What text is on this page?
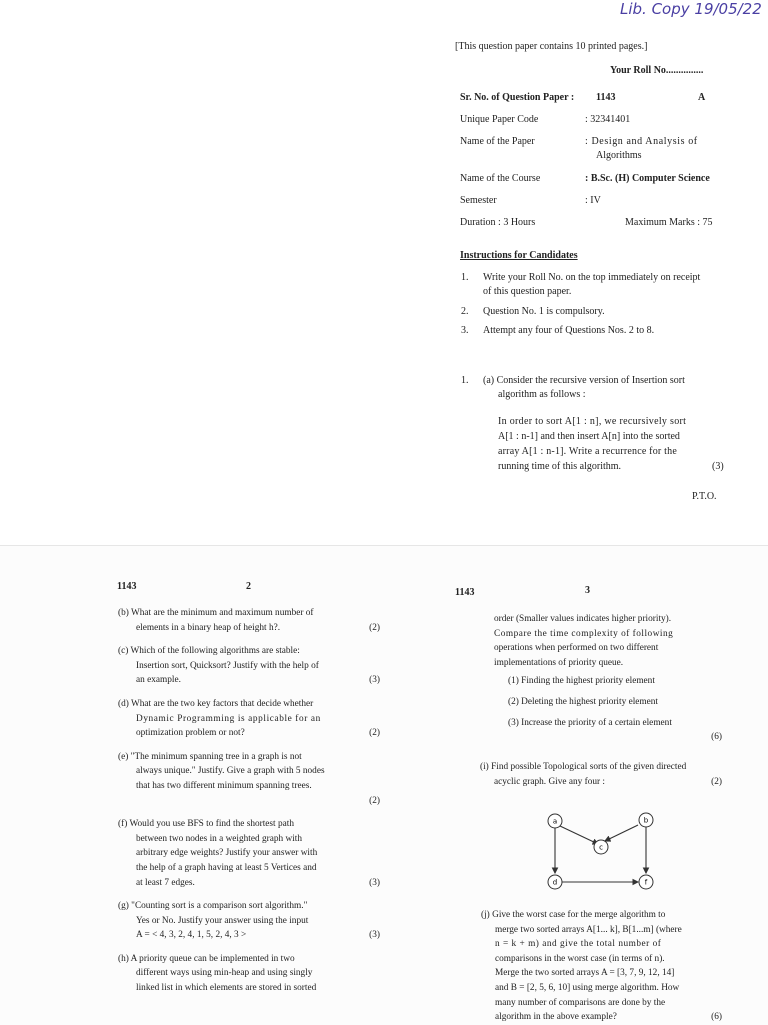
Lib. Copy 19/05/22
[This question paper contains 10 printed pages.]
Your Roll No...............
Sr. No. of Question Paper : 1143	A
Unique Paper Code	: 32341401
Name of the Paper	: Design and Analysis of
Algorithms
Name of the Course	: B.Sc. (H) Computer Science
Semester	: IV
Duration : 3 Hours	Maximum Marks : 75
Instructions for Candidates
1. Write your Roll No. on the top immediately on receipt
of this question paper.
2. Question No. 1 is compulsory.
3. Attempt any four of Questions Nos. 2 to 8.
1. (a) Consider the recursive version of Insertion sort
algorithm as follows :
In order to sort A[1 : n], we recursively sort
A[1 : n-1] and then insert A[n] into the sorted
array A[1 : n-1]. Write a recurrence for the
running time of this algorithm.	(3)
P.T.O.
1143	2
(b) What are the minimum and maximum number of
elements in a binary heap of height h?.	(2)
(c) Which of the following algorithms are stable:
Insertion sort, Quicksort? Justify with the help of
an example.	(3)
(d) What are the two key factors that decide whether
Dynamic Programming is applicable for an
optimization problem or not?	(2)
(e) "The minimum spanning tree in a graph is not
always unique." Justify. Give a graph with 5 nodes
that has two different minimum spanning trees.
(2)
(f) Would you use BFS to find the shortest path
between two nodes in a weighted graph with
arbitrary edge weights? Justify your answer with
the help of a graph having at least 5 Vertices and
at least 7 edges.	(3)
(g) "Counting sort is a comparison sort algorithm."
Yes or No. Justify your answer using the input
A = < 4, 3, 2, 4, 1, 5, 2, 4, 3 >	(3)
(h) A priority queue can be implemented in two
different ways using min-heap and using singly
linked list in which elements are stored in sorted
1143	3
order (Smaller values indicates higher priority).
Compare the time complexity of following
operations when performed on two different
implementations of priority queue.
(1) Finding the highest priority element
(2) Deleting the highest priority element
(3) Increase the priority of a certain element
(6)
(i) Find possible Topological sorts of the given directed
acyclic graph. Give any four :	(2)
a	b
c
d	f
(j) Give the worst case for the merge algorithm to
merge two sorted arrays A[1... k], B[1...m] (where
n = k + m) and give the total number of
comparisons in the worst case (in terms of n).
Merge the two sorted arrays A = [3, 7, 9, 12, 14]
and B = [2, 5, 6, 10] using merge algorithm. How
many number of comparisons are done by the
algorithm in the above example?	(6)
